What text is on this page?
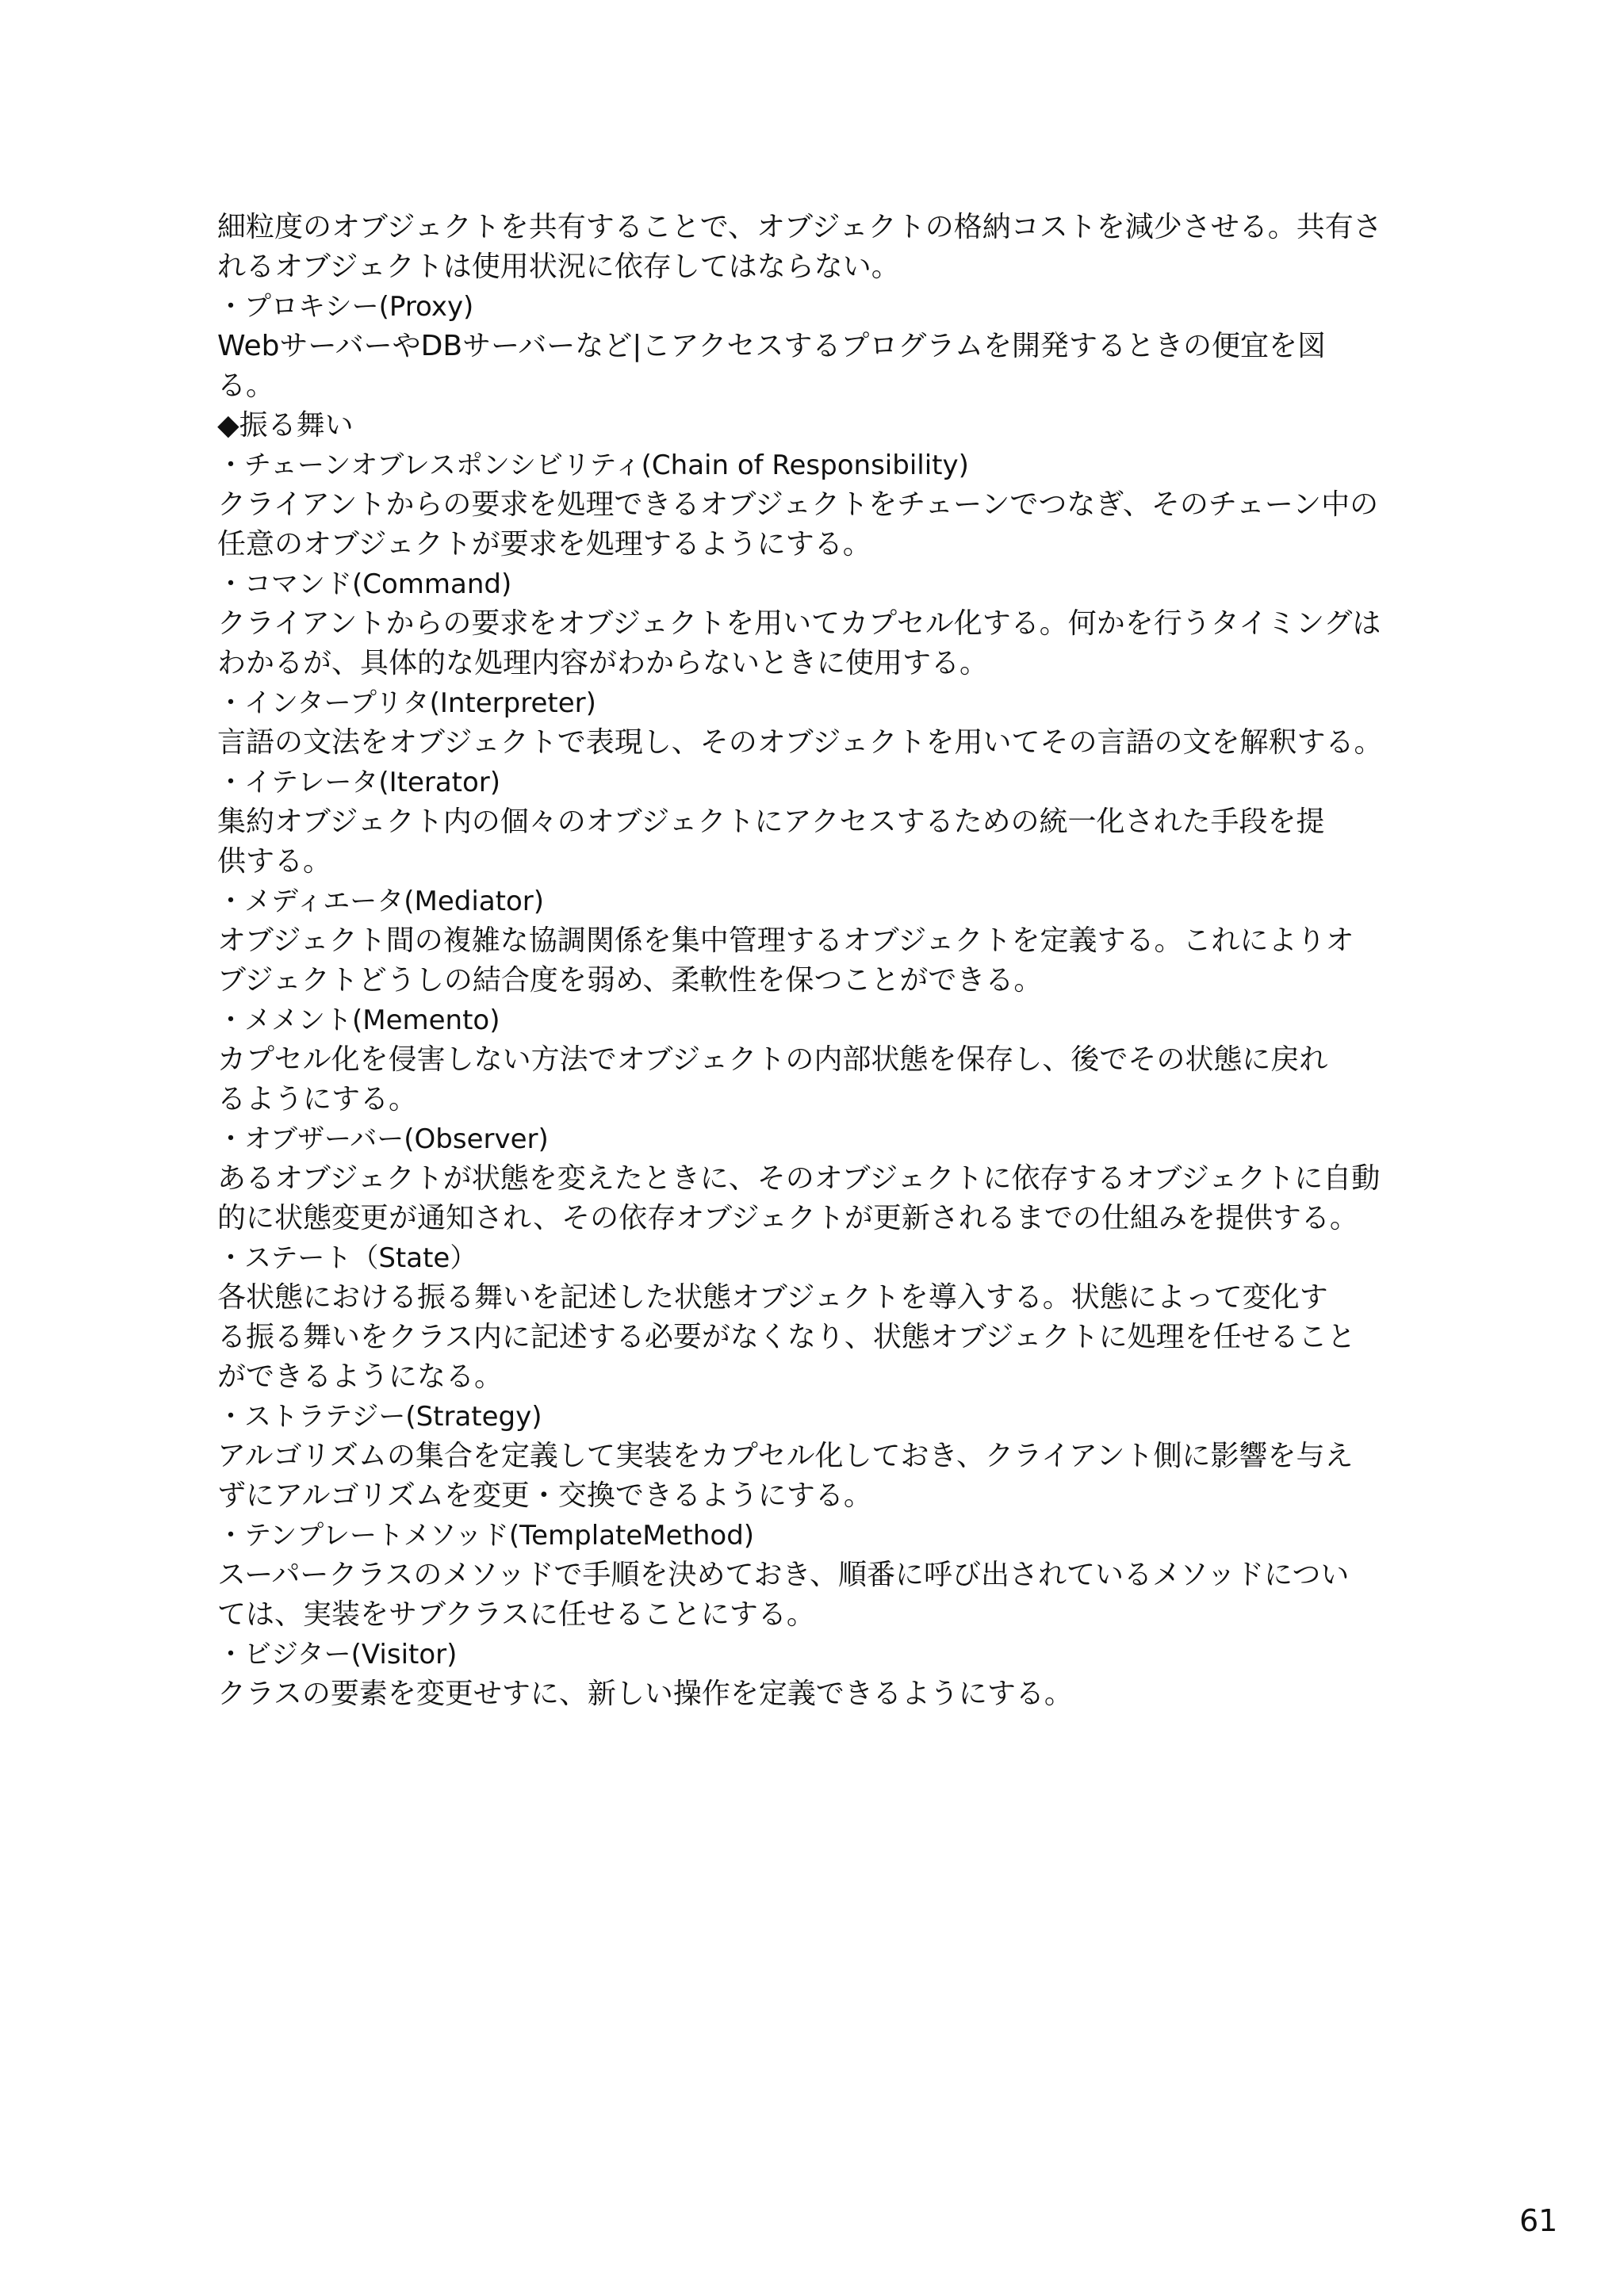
細粒度のオブジェクトを共有することで、オブジェクトの格納コストを減少させる。共有さ
れるオブジェクトは使用状況に依存してはならない。
・プロキシー(Proxy)
WebサーバーやDBサーバーなど|こアクセスするプログラムを開発するときの便宜を図
る。
◆振る舞い
・チェーンオブレスポンシビリティ(Chain of Responsibility)
クライアントからの要求を処理できるオブジェクトをチェーンでつなぎ、そのチェーン中の
任意のオブジェクトが要求を処理するようにする。
・コマンド(Command)
クライアントからの要求をオブジェクトを用いてカプセル化する。何かを行うタイミングは
わかるが、具体的な処理内容がわからないときに使用する。
・インタープリタ(Interpreter)
言語の文法をオブジェクトで表現し、そのオブジェクトを用いてその言語の文を解釈する。
・イテレータ(Iterator)
集約オブジェクト内の個々のオブジェクトにアクセスするための統一化された手段を提
供する。
・メディエータ(Mediator)
オブジェクト間の複雑な協調関係を集中管理するオブジェクトを定義する。これによりオ
ブジェクトどうしの結合度を弱め、柔軟性を保つことができる。
・メメント(Memento)
カプセル化を侵害しない方法でオブジェクトの内部状態を保存し、後でその状態に戻れ
るようにする。
・オブザーバー(Observer)
あるオブジェクトが状態を変えたときに、そのオブジェクトに依存するオブジェクトに自動
的に状態変更が通知され、その依存オブジェクトが更新されるまでの仕組みを提供する。
・ステート（State）
各状態における振る舞いを記述した状態オブジェクトを導入する。状態によって変化す
る振る舞いをクラス内に記述する必要がなくなり、状態オブジェクトに処理を任せること
ができるようになる。
・ストラテジー(Strategy)
アルゴリズムの集合を定義して実装をカプセル化しておき、クライアント側に影響を与え
ずにアルゴリズムを変更・交換できるようにする。
・テンプレートメソッド(TemplateMethod)
スーパークラスのメソッドで手順を決めておき、順番に呼び出されているメソッドについ
ては、実装をサブクラスに任せることにする。
・ビジター(Visitor)
クラスの要素を変更せすに、新しい操作を定義できるようにする。
61
